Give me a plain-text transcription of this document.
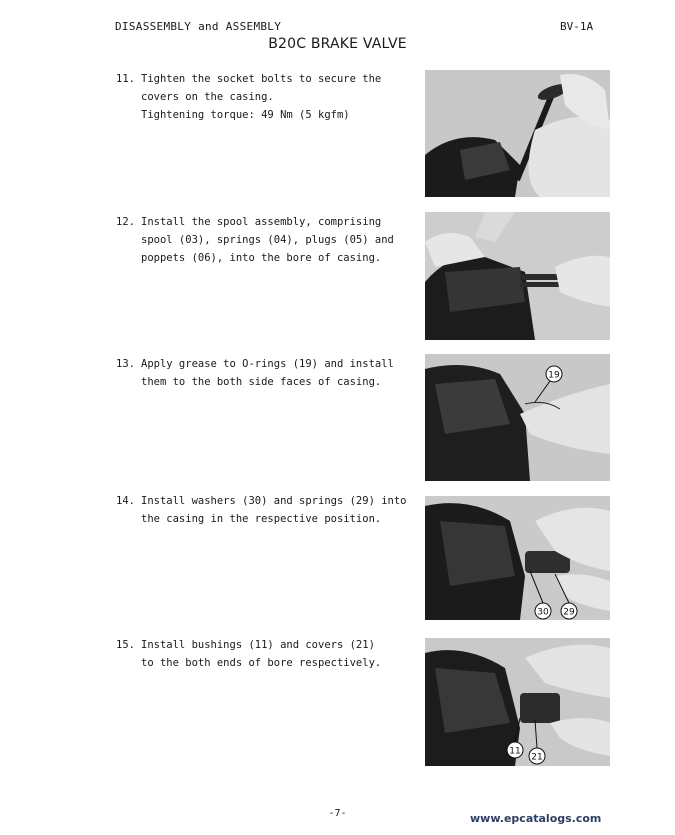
DISASSEMBLY and ASSEMBLY	BV-1A
B20C BRAKE VALVE
11. Tighten the socket bolts to secure the
covers on the casing.
Tightening torque: 49 Nm (5 kgfm)
12. Install the spool assembly, comprising
spool (03), springs (04), plugs (05) and
poppets (06), into the bore of casing.
13. Apply grease to O-rings (19) and install
them to the both side faces of casing.
19
14. Install washers (30) and springs (29) into
the casing in the respective position.
30 29
15. Install bushings (11) and covers (21)
to the both ends of bore respectively.
11
21
-7-	www.epcatalogs.com
